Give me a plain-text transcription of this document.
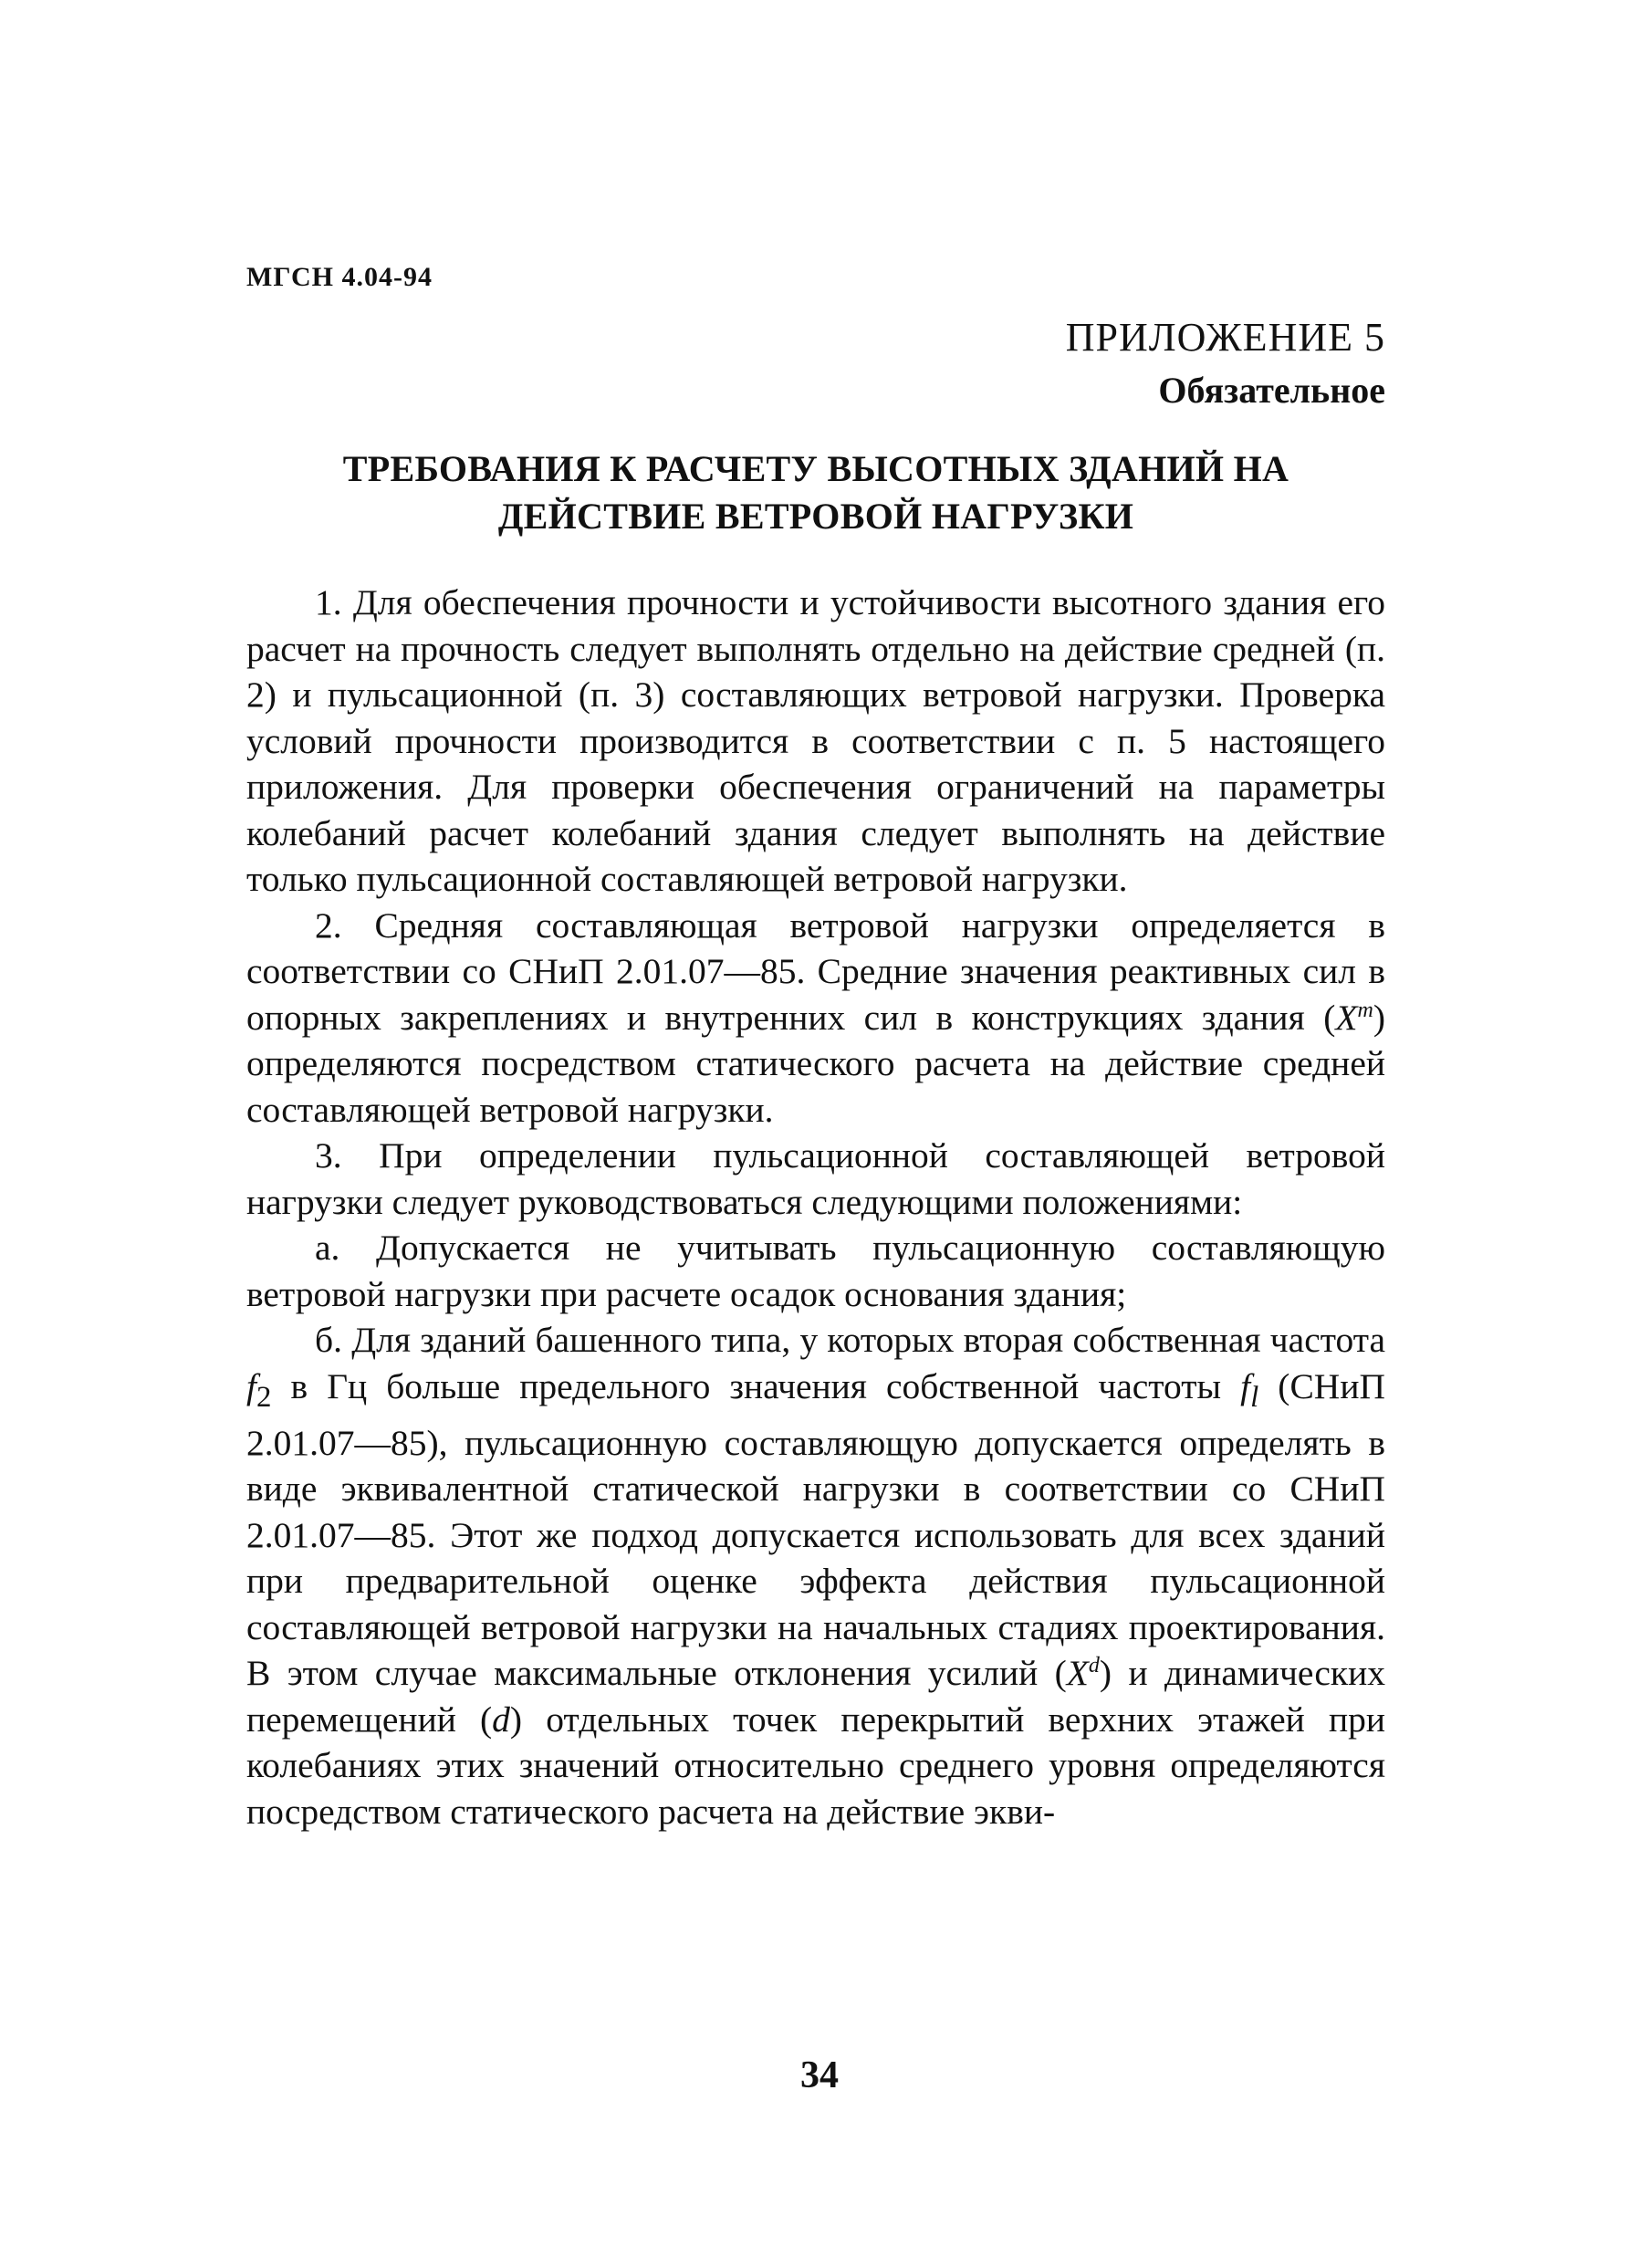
МГСН 4.04-94
ПРИЛОЖЕНИЕ 5
Обязательное
ТРЕБОВАНИЯ К РАСЧЕТУ ВЫСОТНЫХ ЗДАНИЙ НА
ДЕЙСТВИЕ ВЕТРОВОЙ НАГРУЗКИ

1. Для обеспечения прочности и устойчивости высотного здания его расчет на прочность следует выполнять отдельно на действие средней (п. 2) и пульсационной (п. 3) составляющих ветровой нагрузки. Проверка условий прочности производится в соответствии с п. 5 настоящего приложения. Для проверки обеспечения ограничений на параметры колебаний расчет колебаний здания следует выполнять на действие только пульсационной составляющей ветровой нагрузки.

2. Средняя составляющая ветровой нагрузки определяется в соответствии со СНиП 2.01.07—85. Средние значения реактивных сил в опорных закреплениях и внутренних сил в конструкциях здания $(X^m)$ определяются посредством статического расчета на действие средней составляющей ветровой нагрузки.

3. При определении пульсационной составляющей ветровой нагрузки следует руководствоваться следующими положениями:

а. Допускается не учитывать пульсационную составляющую ветровой нагрузки при расчете осадок основания здания;

б. Для зданий башенного типа, у которых вторая собственная частота $f_2$ в Гц больше предельного значения собственной частоты $f_l$ (СНиП 2.01.07—85), пульсационную составляющую допускается определять в виде эквивалентной статической нагрузки в соответствии со СНиП 2.01.07—85. Этот же подход допускается использовать для всех зданий при предварительной оценке эффекта действия пульсационной составляющей ветровой нагрузки на начальных стадиях проектирования. В этом случае максимальные отклонения усилий $(X^d)$ и динамических перемещений (d) отдельных точек перекрытий верхних этажей при колебаниях этих значений относительно среднего уровня определяются посредством статического расчета на действие экви-

34
